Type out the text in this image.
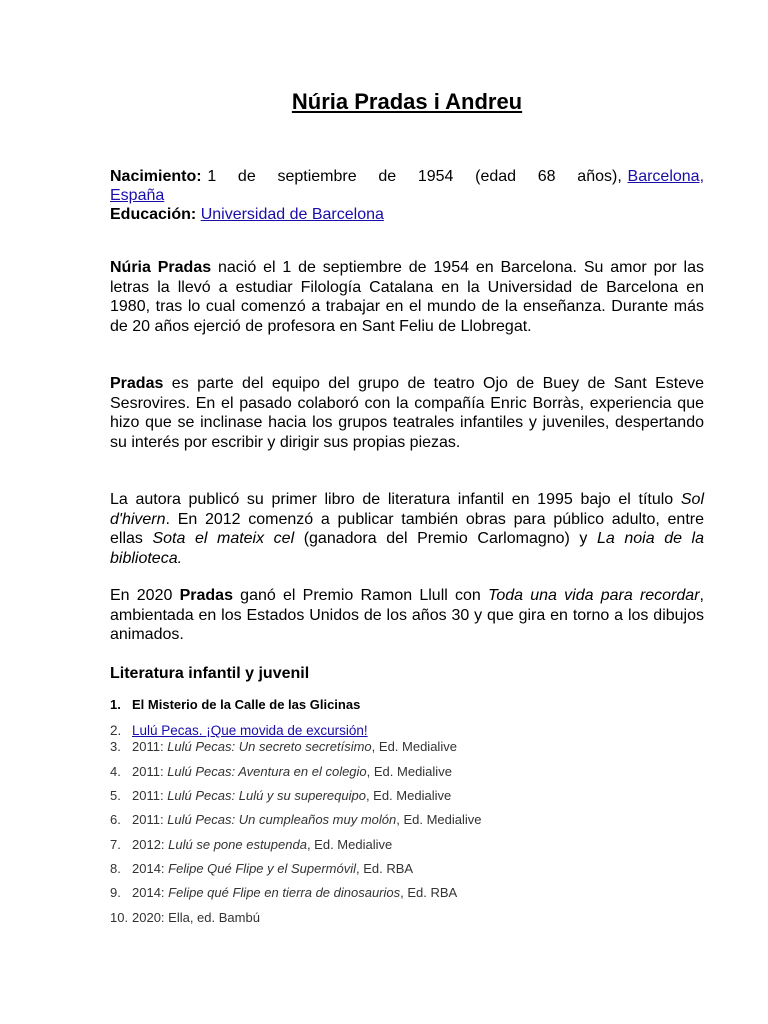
Núria Pradas i Andreu

Nacimiento: 1 de septiembre de 1954 (edad 68 años), Barcelona, España

Educación: Universidad de Barcelona

Núria Pradas nació el 1 de septiembre de 1954 en Barcelona. Su amor por las letras la llevó a estudiar Filología Catalana en la Universidad de Barcelona en 1980, tras lo cual comenzó a trabajar en el mundo de la enseñanza. Durante más de 20 años ejerció de profesora en Sant Feliu de Llobregat.

Pradas es parte del equipo del grupo de teatro Ojo de Buey de Sant Esteve Sesrovires. En el pasado colaboró con la compañía Enric Borràs, experiencia que hizo que se inclinase hacia los grupos teatrales infantiles y juveniles, despertando su interés por escribir y dirigir sus propias piezas.

La autora publicó su primer libro de literatura infantil en 1995 bajo el título Sol d'hivern. En 2012 comenzó a publicar también obras para público adulto, entre ellas Sota el mateix cel (ganadora del Premio Carlomagno) y La noia de la biblioteca.

En 2020 Pradas ganó el Premio Ramon Llull con Toda una vida para recordar, ambientada en los Estados Unidos de los años 30 y que gira en torno a los dibujos animados.

Literatura infantil y juvenil

1. El Misterio de la Calle de las Glicinas
2. Lulú Pecas. ¡Que movida de excursión!
3. 2011: Lulú Pecas: Un secreto secretísimo, Ed. Medialive
4. 2011: Lulú Pecas: Aventura en el colegio, Ed. Medialive
5. 2011: Lulú Pecas: Lulú y su superequipo, Ed. Medialive
6. 2011: Lulú Pecas: Un cumpleaños muy molón, Ed. Medialive
7. 2012: Lulú se pone estupenda, Ed. Medialive
8. 2014: Felipe Qué Flipe y el Supermóvil, Ed. RBA
9. 2014: Felipe qué Flipe en tierra de dinosaurios, Ed. RBA
10. 2020: Ella, ed. Bambú
